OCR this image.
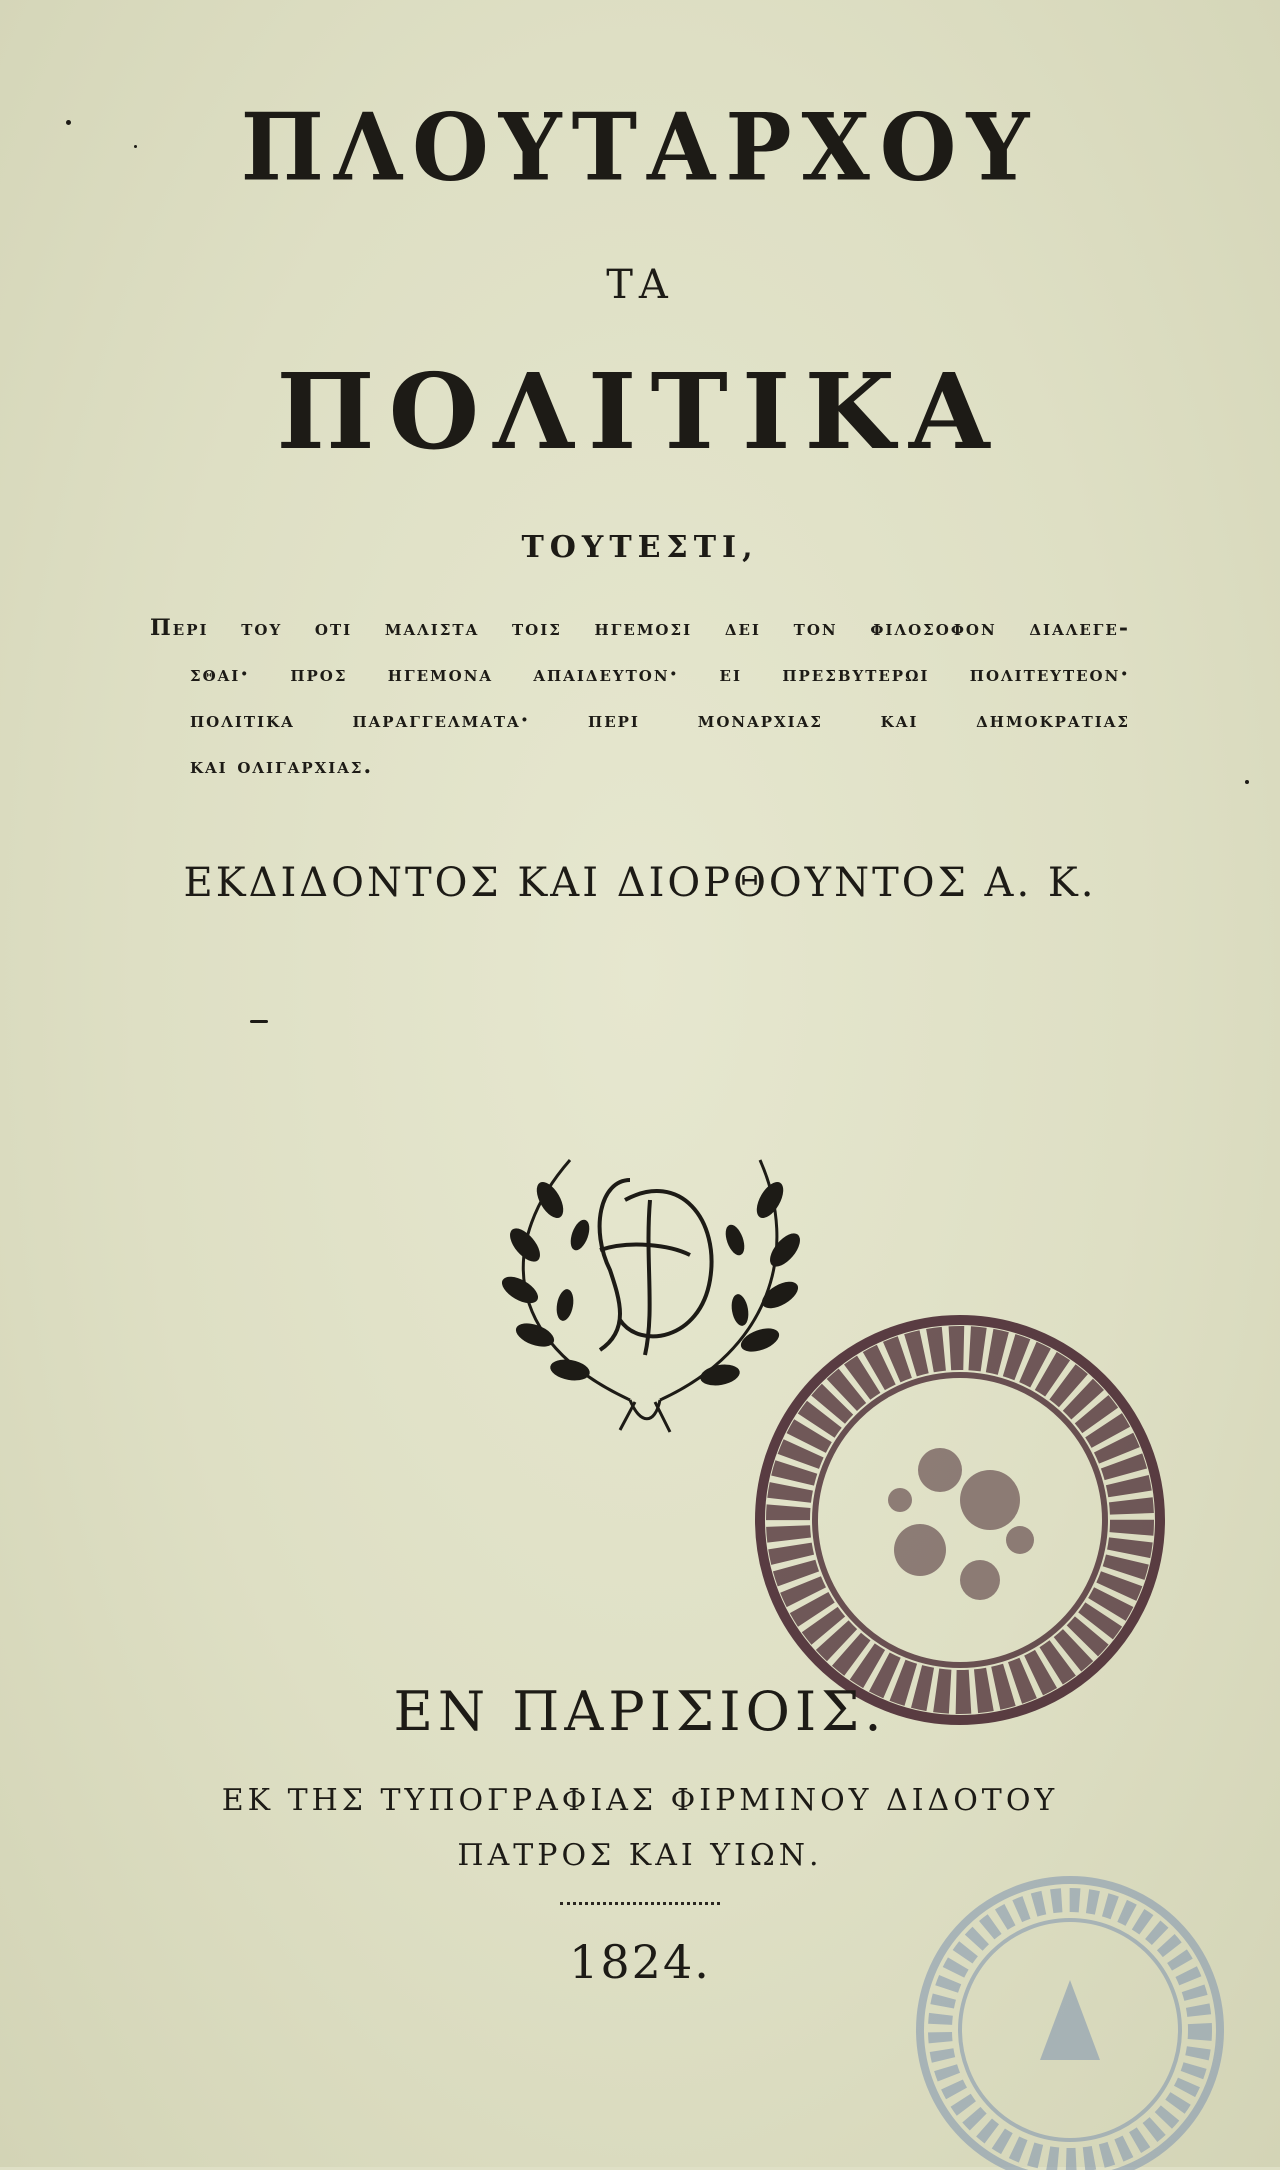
ΠΛΟΥΤΑΡΧΟΥ
ΤΑ
ΠΟΛΙΤΙΚΑ
ΤΟΥΤΕΣΤΙ,
Περι του οτι μαλιστα τοις ηγεμοσι δει τον φιλοσοφον διαλεγε-
σθαι· προς ηγεμονα απαιδευτον· ει πρεσβυτερωι πολιτευτεον·
πολιτικα παραγγελματα· περι μοναρχιας και δημοκρατιας
και ολιγαρχιας.
ΕΚΔΙΔΟΝΤΟΣ ΚΑΙ ΔΙΟΡΘΟΥΝΤΟΣ Α. Κ.
ΕΝ ΠΑΡΙΣΙΟΙΣ.
ΕΚ ΤΗΣ ΤΥΠΟΓΡΑΦΙΑΣ ΦΙΡΜΙΝΟΥ ΔΙΔΟΤΟΥ
ΠΑΤΡΟΣ ΚΑΙ ΥΙΩΝ.
1824.
